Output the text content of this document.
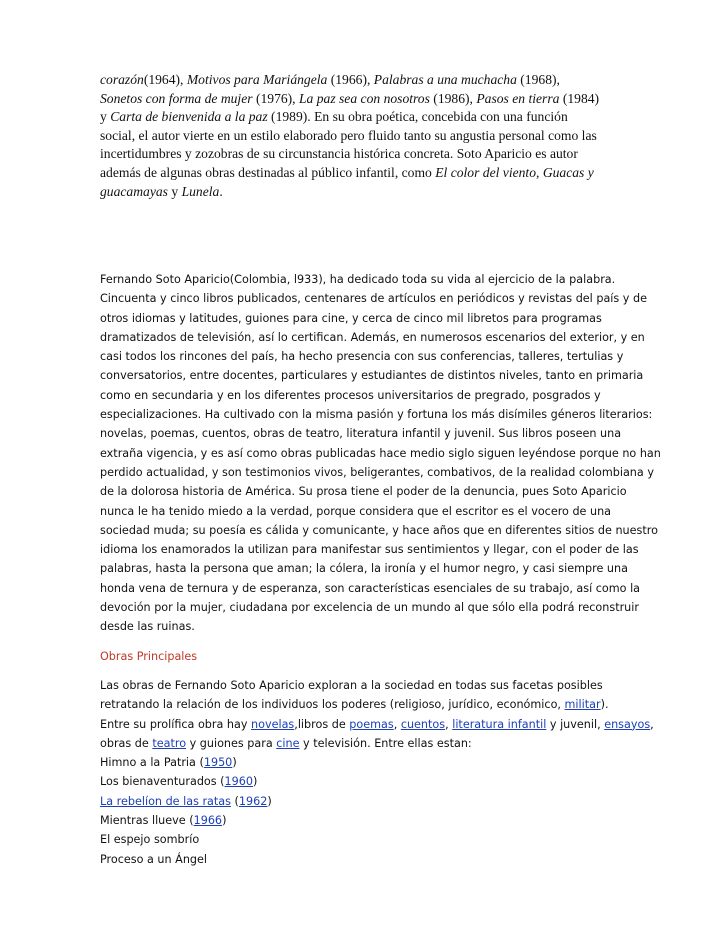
corazón(1964), Motivos para Mariángela (1966), Palabras a una muchacha (1968),

Sonetos con forma de mujer (1976), La paz sea con nosotros (1986), Pasos en tierra (1984)

y Carta de bienvenida a la paz (1989). En su obra poética, concebida con una función

social, el autor vierte en un estilo elaborado pero fluido tanto su angustia personal como las

incertidumbres y zozobras de su circunstancia histórica concreta. Soto Aparicio es autor

además de algunas obras destinadas al público infantil, como El color del viento, Guacas y

guacamayas y Lunela.

Fernando Soto Aparicio(Colombia, l933), ha dedicado toda su vida al ejercicio de la palabra.
Cincuenta y cinco libros publicados, centenares de artículos en periódicos y revistas del país y de
otros idiomas y latitudes, guiones para cine, y cerca de cinco mil libretos para programas
dramatizados de televisión, así lo certifican. Además, en numerosos escenarios del exterior, y en
casi todos los rincones del país, ha hecho presencia con sus conferencias, talleres, tertulias y
conversatorios, entre docentes, particulares y estudiantes de distintos niveles, tanto en primaria
como en secundaria y en los diferentes procesos universitarios de pregrado, posgrados y
especializaciones. Ha cultivado con la misma pasión y fortuna los más disímiles géneros literarios:
novelas, poemas, cuentos, obras de teatro, literatura infantil y juvenil. Sus libros poseen una
extraña vigencia, y es así como obras publicadas hace medio siglo siguen leyéndose porque no han
perdido actualidad, y son testimonios vivos, beligerantes, combativos, de la realidad colombiana y
de la dolorosa historia de América. Su prosa tiene el poder de la denuncia, pues Soto Aparicio
nunca le ha tenido miedo a la verdad, porque considera que el escritor es el vocero de una
sociedad muda; su poesía es cálida y comunicante, y hace años que en diferentes sitios de nuestro
idioma los enamorados la utilizan para manifestar sus sentimientos y llegar, con el poder de las
palabras, hasta la persona que aman; la cólera, la ironía y el humor negro, y casi siempre una
honda vena de ternura y de esperanza, son características esenciales de su trabajo, así como la
devoción por la mujer, ciudadana por excelencia de un mundo al que sólo ella podrá reconstruir
desde las ruinas.
Obras Principales
Las obras de Fernando Soto Aparicio exploran a la sociedad en todas sus facetas posibles
retratando la relación de los individuos los poderes (religioso, jurídico, económico, militar).
Entre su prolífica obra hay novelas,libros de poemas, cuentos, literatura infantil y juvenil, ensayos,
obras de teatro y guiones para cine y televisión. Entre ellas estan:
Himno a la Patria (1950)
Los bienaventurados (1960)
La rebelíon de las ratas (1962)
Mientras llueve (1966)
El espejo sombrío
Proceso a un Ángel
